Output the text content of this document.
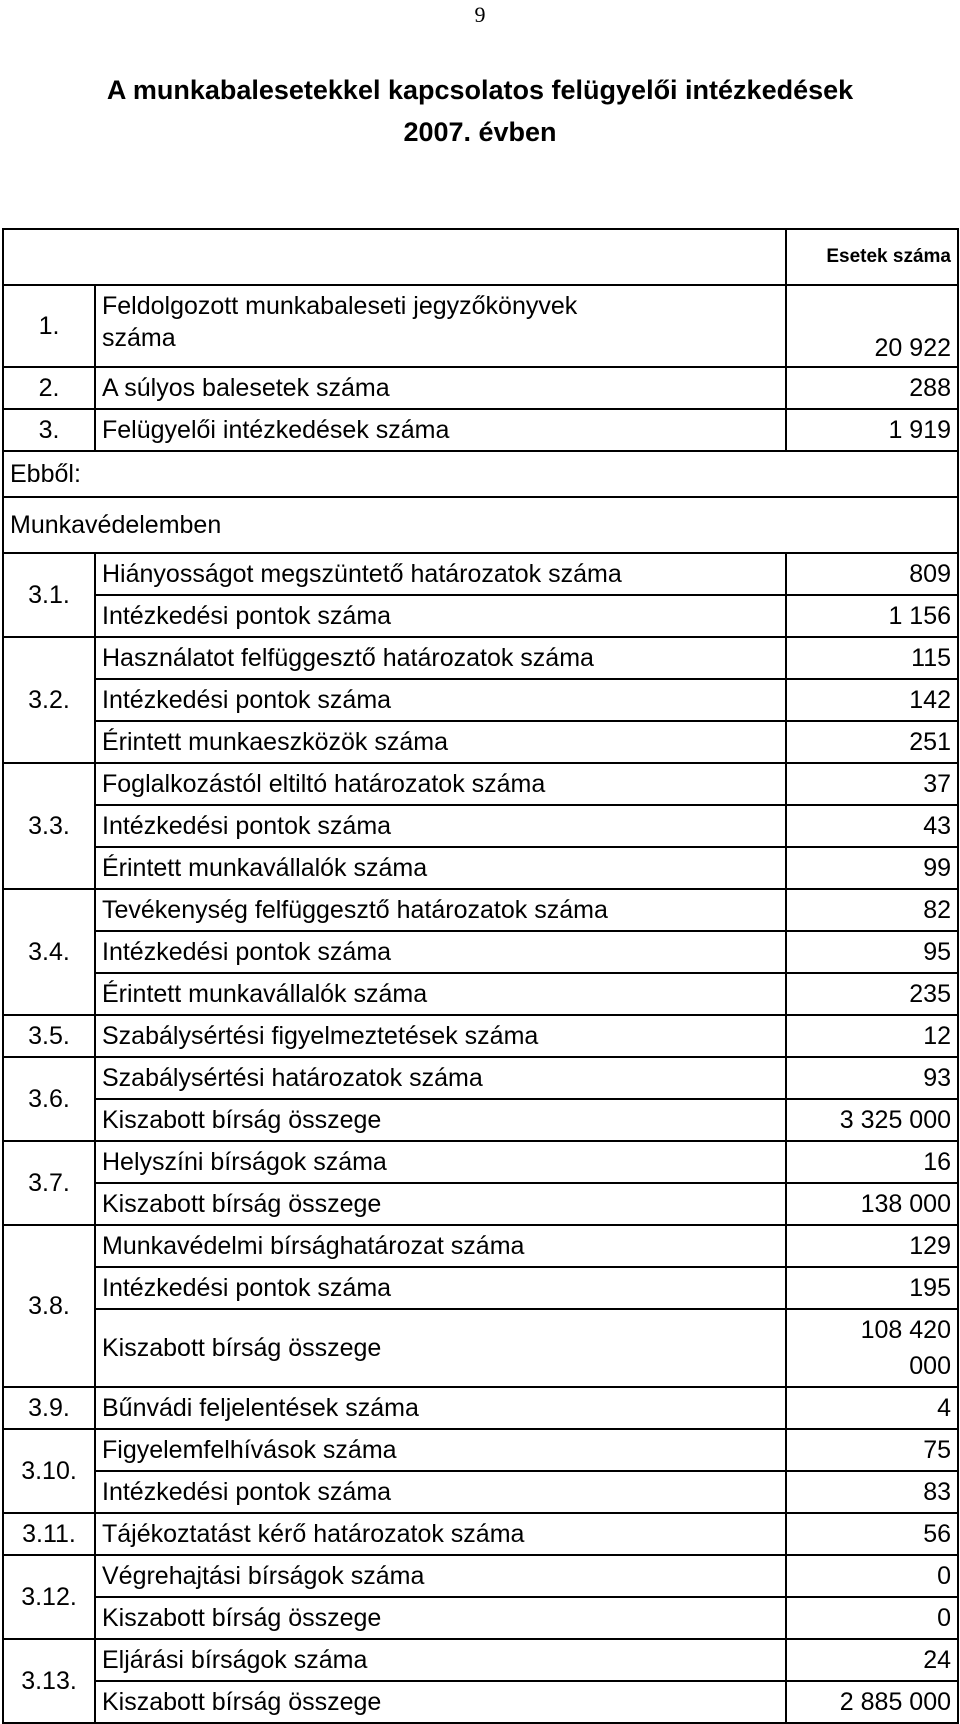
9
A munkabalesetekkel kapcsolatos felügyelői intézkedések
2007. évben
		Esetek száma
1.	Feldolgozott munkabaleseti jegyzőkönyvek
száma	20 922
2.	A súlyos balesetek száma	288
3.	Felügyelői intézkedések száma	1 919
Ebből:		
Munkavédelemben		
3.1.	Hiányosságot megszüntető határozatok száma	809
	Intézkedési pontok száma	1 156
3.2.	Használatot felfüggesztő határozatok száma	115
	Intézkedési pontok száma	142
	Érintett munkaeszközök száma	251
3.3.	Foglalkozástól eltiltó határozatok száma	37
	Intézkedési pontok száma	43
	Érintett munkavállalók száma	99
3.4.	Tevékenység felfüggesztő határozatok száma	82
	Intézkedési pontok száma	95
	Érintett munkavállalók száma	235
3.5.	Szabálysértési figyelmeztetések száma	12
3.6.	Szabálysértési határozatok száma	93
	Kiszabott bírság összege	3 325 000
3.7.	Helyszíni bírságok száma	16
	Kiszabott bírság összege	138 000
3.8.	Munkavédelmi bírsághatározat száma	129
	Intézkedési pontok száma	195
	Kiszabott bírság összege	108 420
000

3.9.	Bűnvádi feljelentések száma	4
3.10.	Figyelemfelhívások száma	75
	Intézkedési pontok száma	83
3.11.	Tájékoztatást kérő határozatok száma	56
3.12.	Végrehajtási bírságok száma	0
	Kiszabott bírság összege	0
3.13.	Eljárási bírságok száma	24
	Kiszabott bírság összege	2 885 000
